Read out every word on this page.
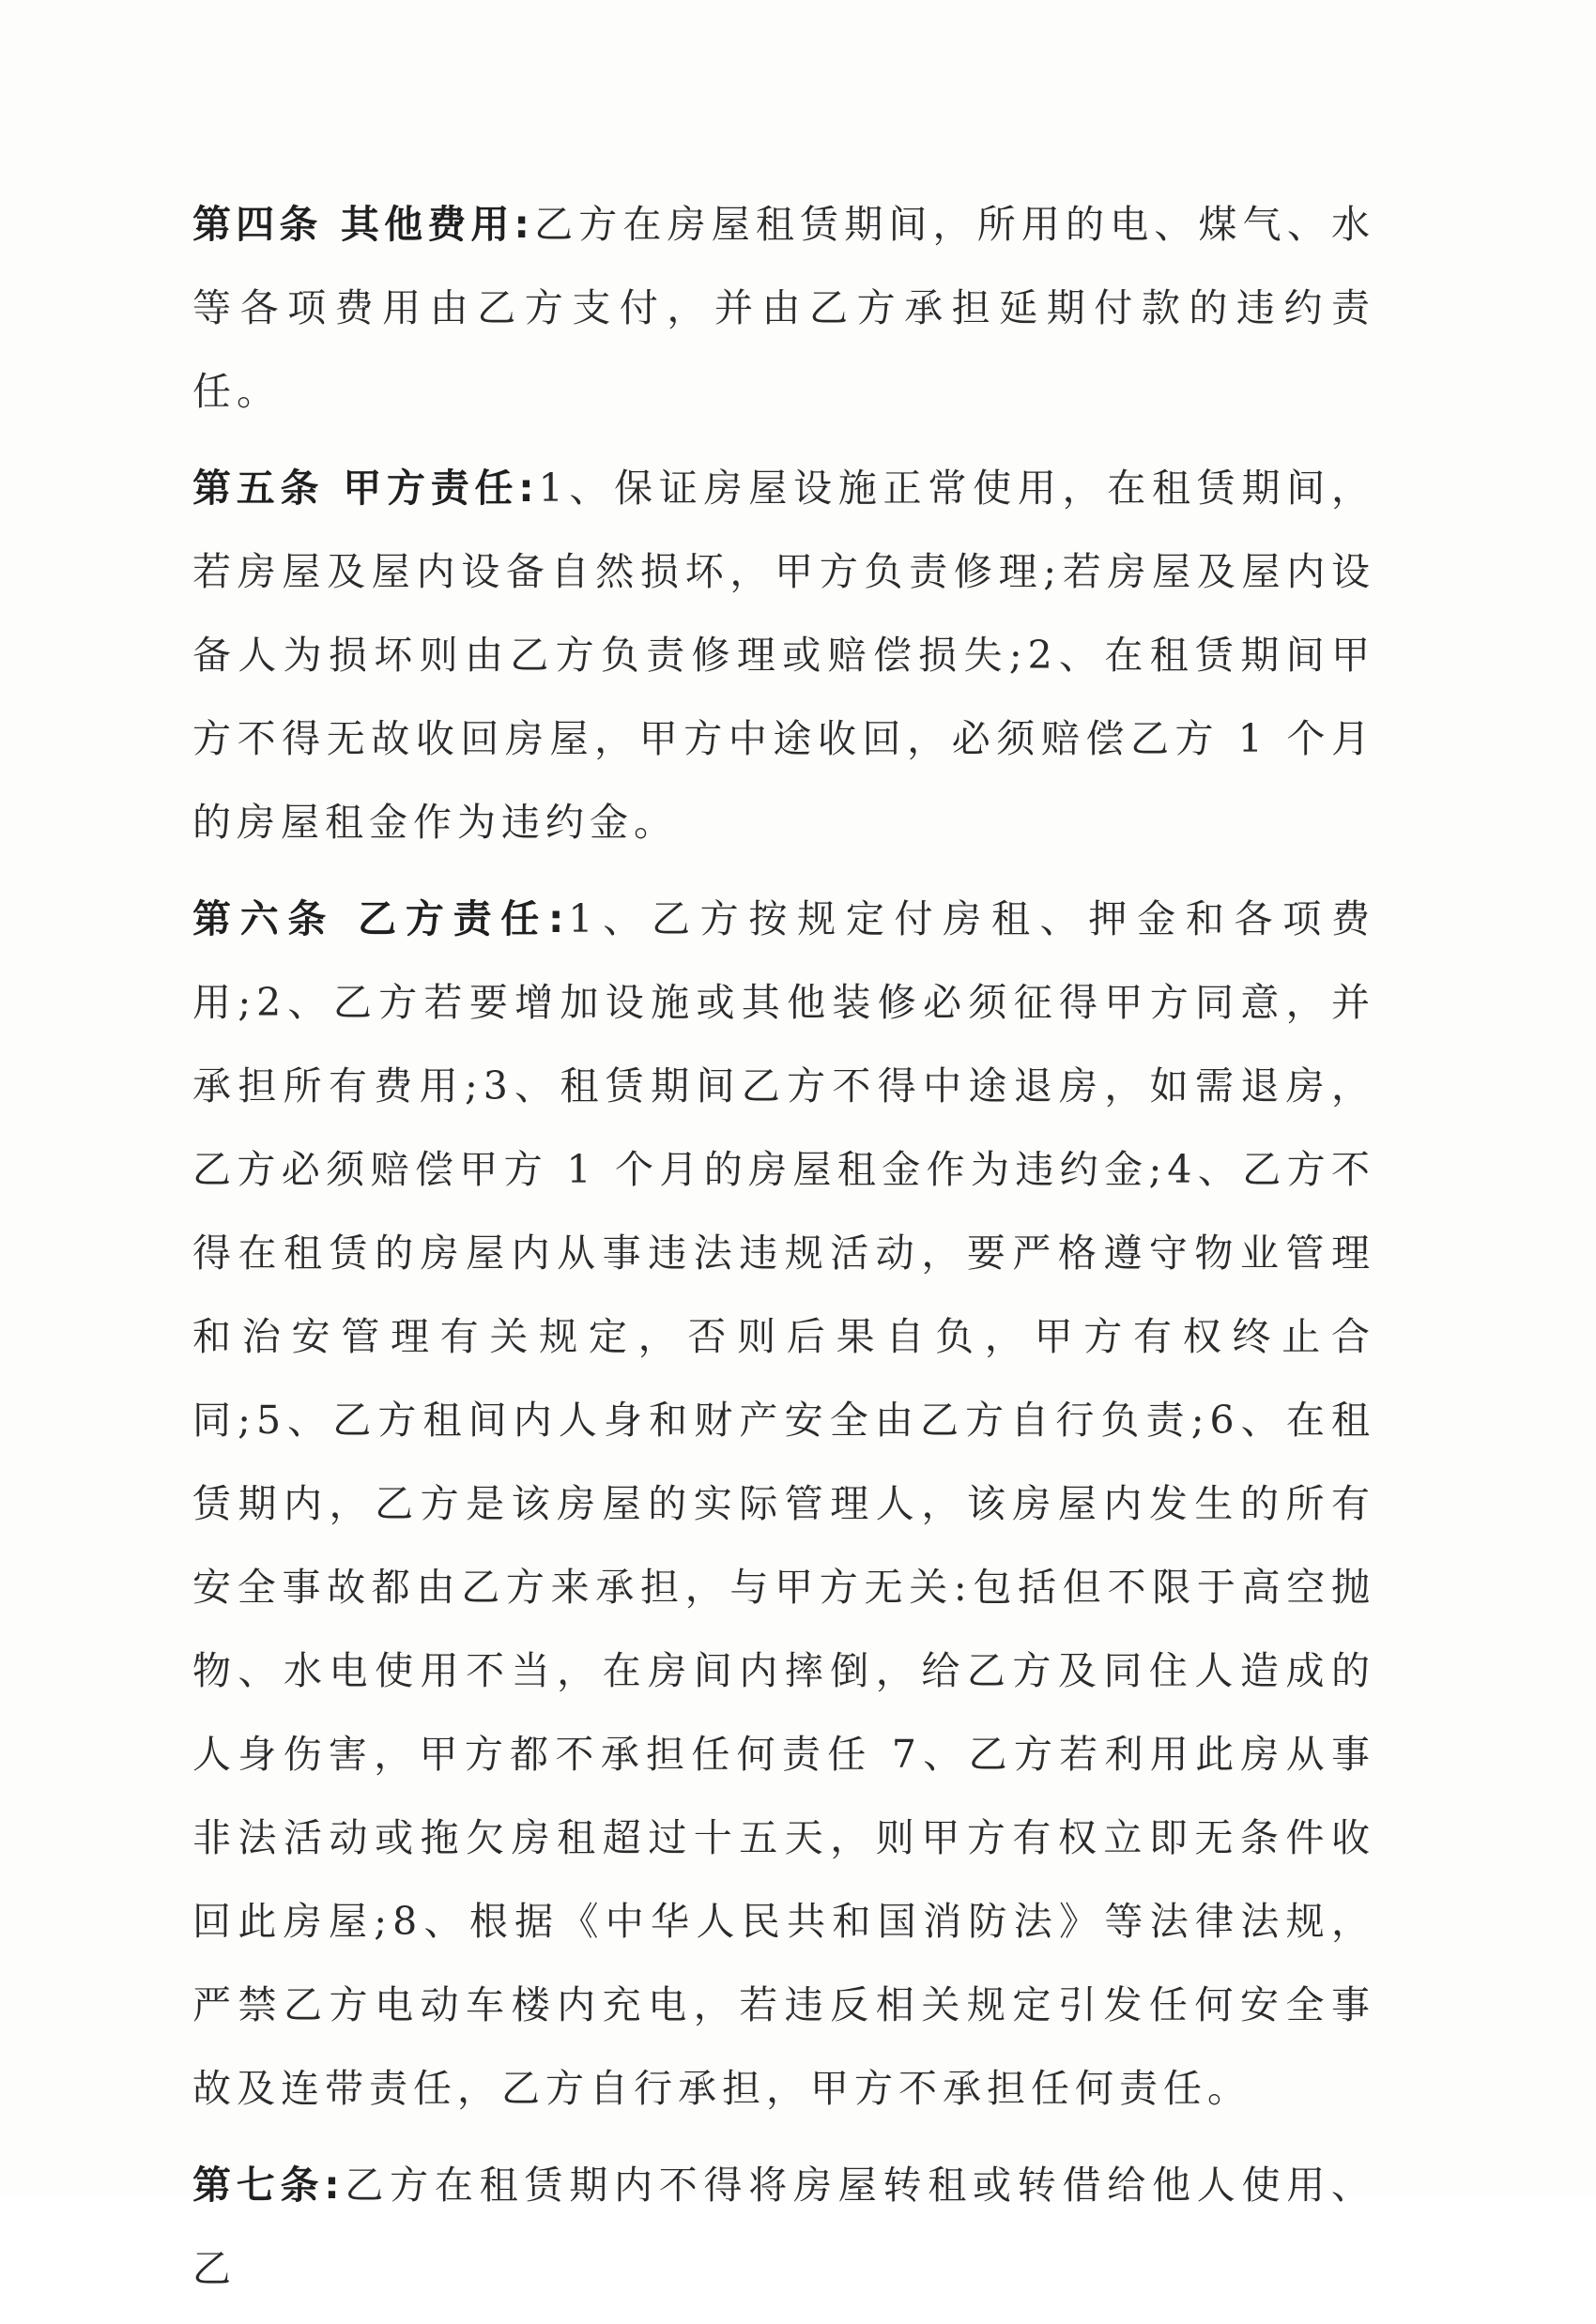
第四条 其他费用:乙方在房屋租赁期间，所用的电、煤气、水等各项费用由乙方支付，并由乙方承担延期付款的违约责任。

第五条 甲方责任:1、保证房屋设施正常使用，在租赁期间，若房屋及屋内设备自然损坏，甲方负责修理;若房屋及屋内设备人为损坏则由乙方负责修理或赔偿损失;2、在租赁期间甲方不得无故收回房屋，甲方中途收回，必须赔偿乙方 1 个月的房屋租金作为违约金。

第六条 乙方责任:1、乙方按规定付房租、押金和各项费用;2、乙方若要增加设施或其他装修必须征得甲方同意，并承担所有费用;3、租赁期间乙方不得中途退房，如需退房，乙方必须赔偿甲方 1 个月的房屋租金作为违约金;4、乙方不得在租赁的房屋内从事违法违规活动，要严格遵守物业管理和治安管理有关规定，否则后果自负，甲方有权终止合同;5、乙方租间内人身和财产安全由乙方自行负责;6、在租赁期内，乙方是该房屋的实际管理人，该房屋内发生的所有安全事故都由乙方来承担，与甲方无关:包括但不限于高空抛物、水电使用不当，在房间内摔倒，给乙方及同住人造成的人身伤害，甲方都不承担任何责任 7、乙方若利用此房从事非法活动或拖欠房租超过十五天，则甲方有权立即无条件收回此房屋;8、根据《中华人民共和国消防法》等法律法规，严禁乙方电动车楼内充电，若违反相关规定引发任何安全事故及连带责任，乙方自行承担，甲方不承担任何责任。

第七条:乙方在租赁期内不得将房屋转租或转借给他人使用、乙
